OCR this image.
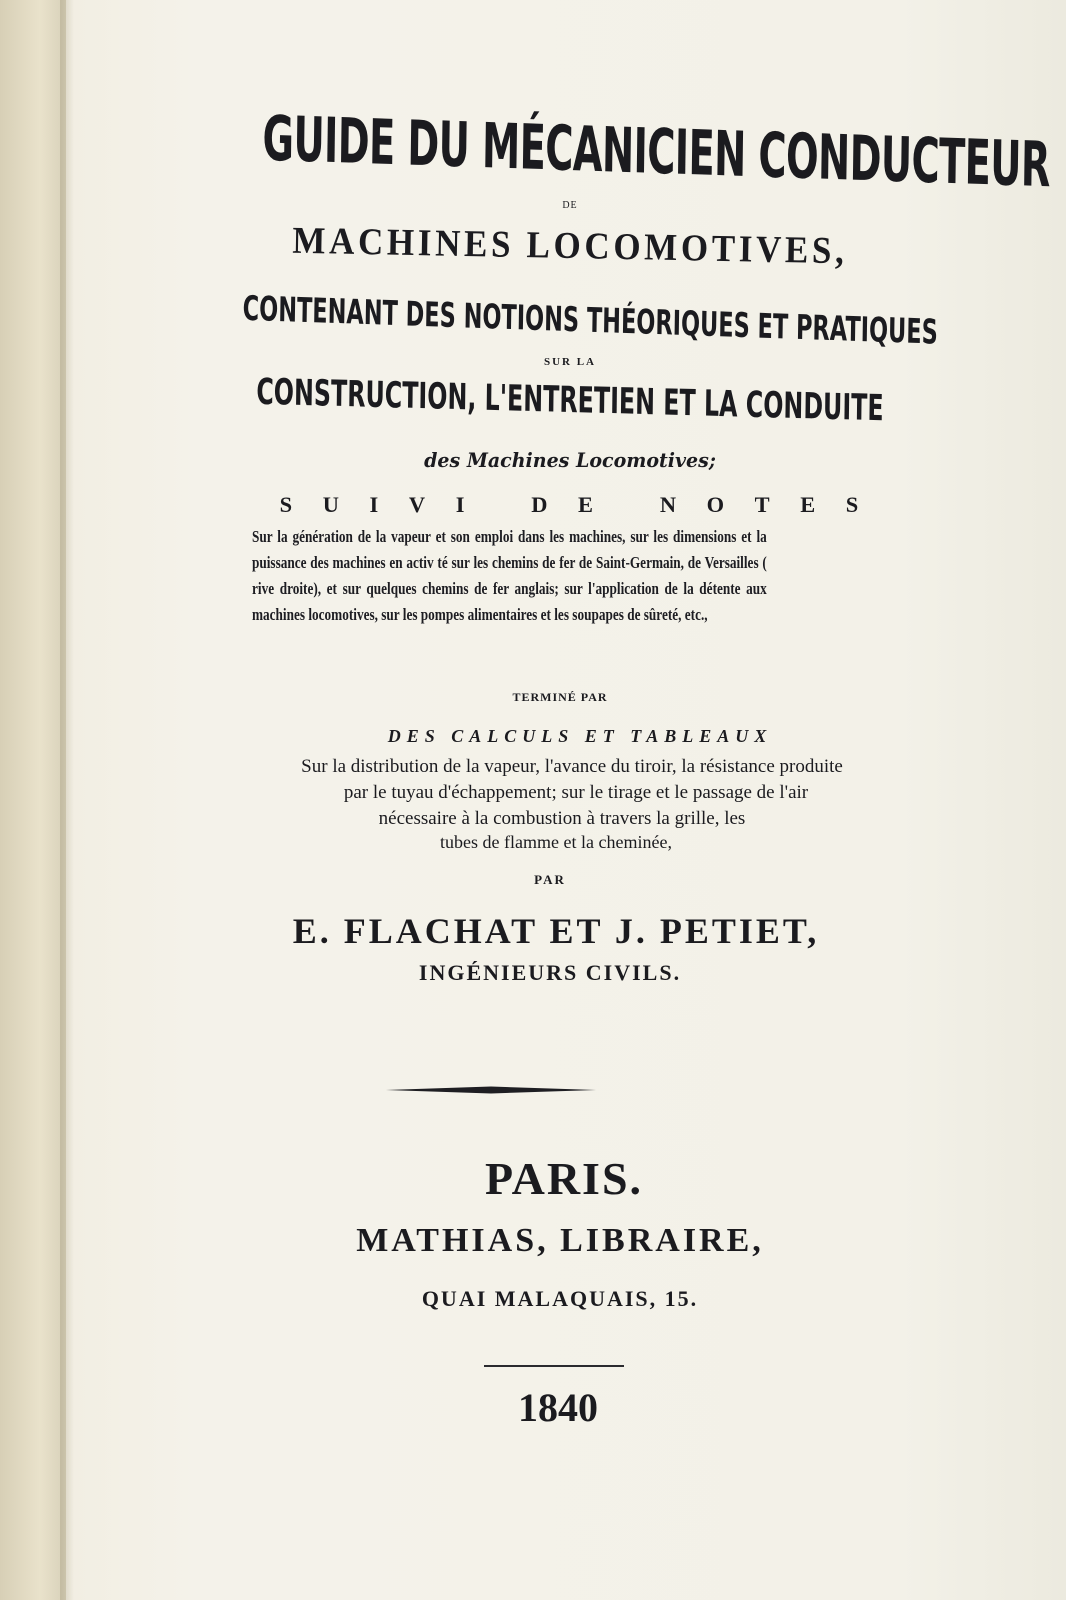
GUIDE DU MÉCANICIEN CONDUCTEUR
DE
MACHINES LOCOMOTIVES,
CONTENANT DES NOTIONS THÉORIQUES ET PRATIQUES
SUR LA
CONSTRUCTION, L'ENTRETIEN ET LA CONDUITE
des Machines Locomotives;
SUIVI DE NOTES
Sur la génération de la vapeur et son emploi dans les machines, sur les dimensions et la puissance des machines en activ té sur les chemins de fer de Saint-Germain, de Versailles ( rive droite), et sur quelques chemins de fer anglais; sur l'application de la détente aux machines locomotives, sur les pompes alimentaires et les soupapes de sûreté, etc.,
TERMINÉ PAR
DES CALCULS ET TABLEAUX
Sur la distribution de la vapeur, l'avance du tiroir, la résistance produite
par le tuyau d'échappement; sur le tirage et le passage de l'air
nécessaire à la combustion à travers la grille, les
tubes de flamme et la cheminée,
PAR
E. FLACHAT ET J. PETIET,
INGÉNIEURS CIVILS.
PARIS.
MATHIAS, LIBRAIRE,
QUAI MALAQUAIS, 15.
1840
